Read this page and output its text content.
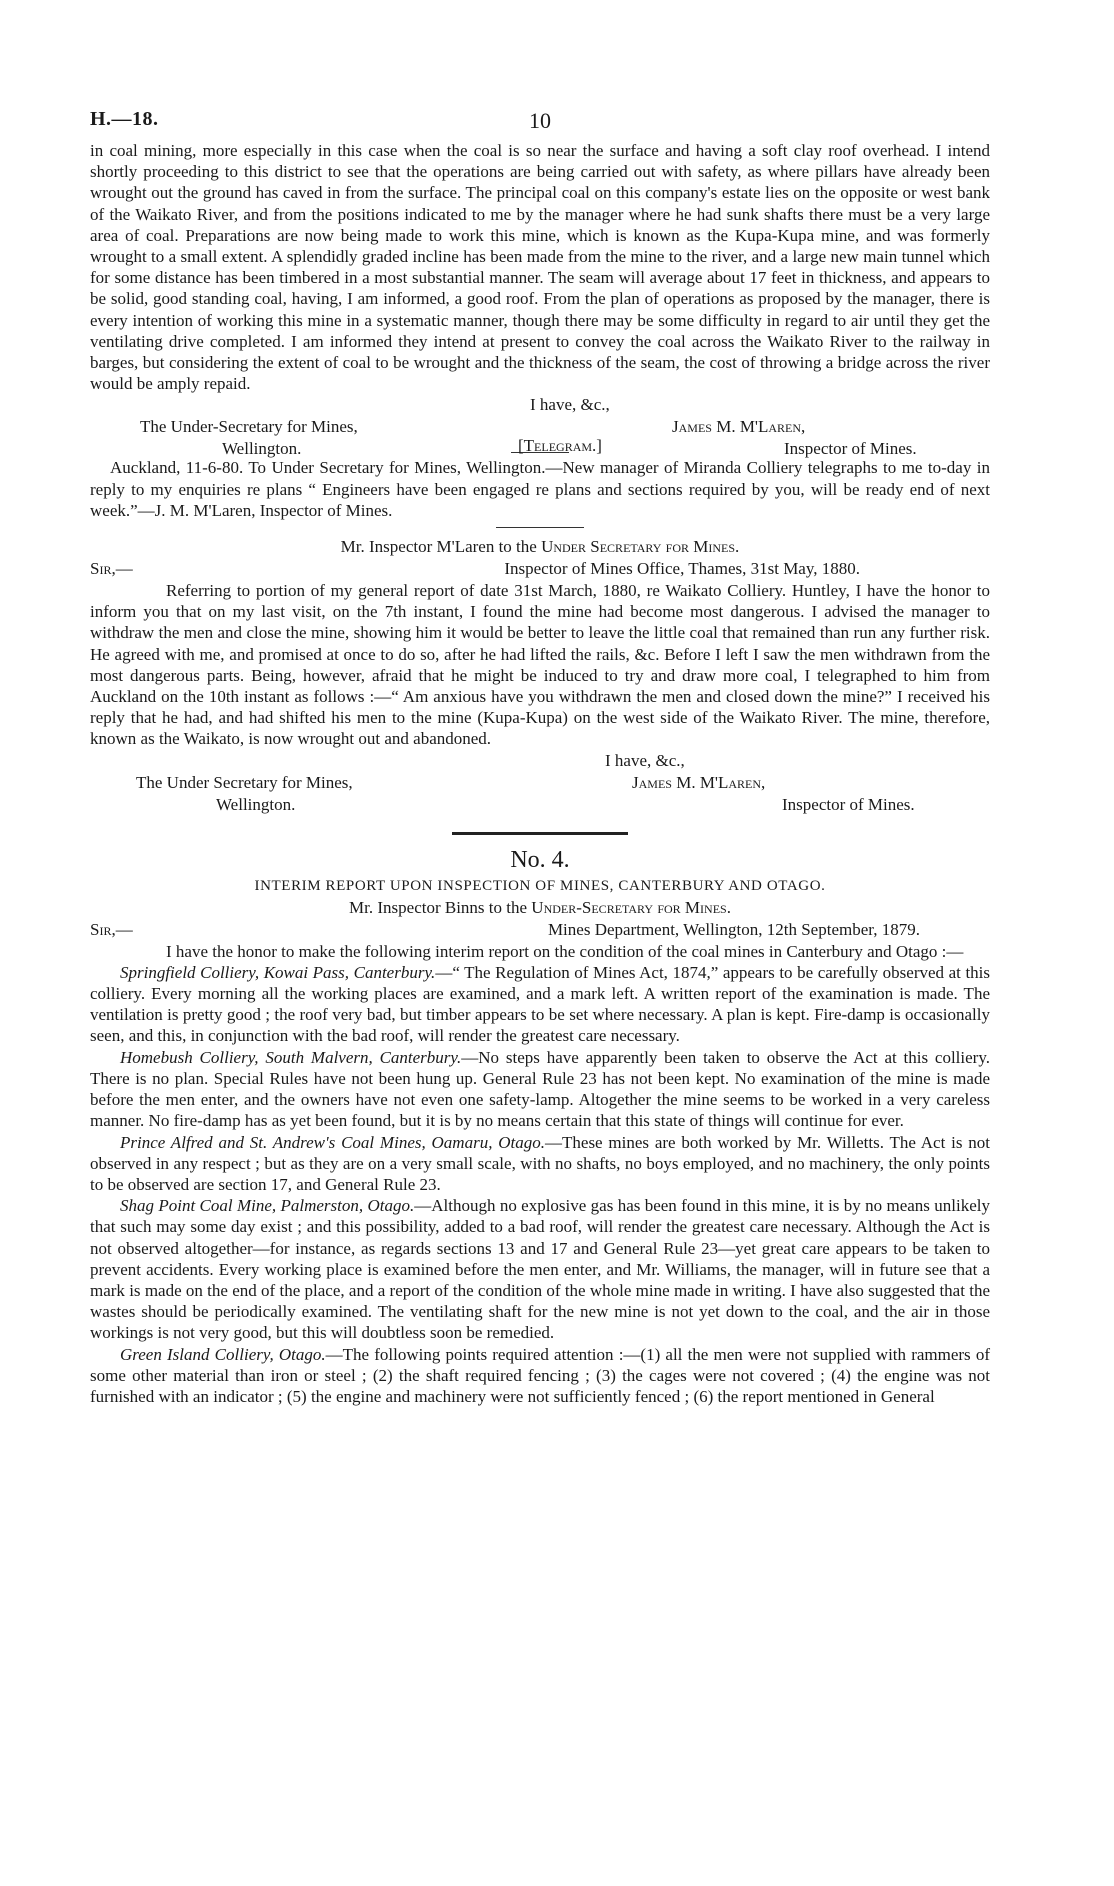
H.—18.	10

in coal mining, more especially in this case when the coal is so near the surface and having a soft clay roof overhead. I intend shortly proceeding to this district to see that the operations are being carried out with safety, as where pillars have already been wrought out the ground has caved in from the surface. The principal coal on this company's estate lies on the opposite or west bank of the Waikato River, and from the positions indicated to me by the manager where he had sunk shafts there must be a very large area of coal. Preparations are now being made to work this mine, which is known as the Kupa-Kupa mine, and was formerly wrought to a small extent. A splendidly graded incline has been made from the mine to the river, and a large new main tunnel which for some distance has been timbered in a most substantial manner. The seam will average about 17 feet in thickness, and appears to be solid, good standing coal, having, I am informed, a good roof. From the plan of operations as proposed by the manager, there is every intention of working this mine in a systematic manner, though there may be some difficulty in regard to air until they get the ventilating drive completed. I am informed they intend at present to convey the coal across the Waikato River to the railway in barges, but considering the extent of coal to be wrought and the thickness of the seam, the cost of throwing a bridge across the river would be amply repaid.

I have, &c.,
The Under-Secretary for Mines,	James M. M'Laren,
Wellington.	Inspector of Mines.
[Telegram.]

Auckland, 11-6-80. To Under Secretary for Mines, Wellington.—New manager of Miranda Colliery telegraphs to me to-day in reply to my enquiries re plans “ Engineers have been engaged re plans and sections required by you, will be ready end of next week.”—J. M. M'Laren, Inspector of Mines.

Mr. Inspector M'Laren to the Under Secretary for Mines.
Sir,—	Inspector of Mines Office, Thames, 31st May, 1880.

Referring to portion of my general report of date 31st March, 1880, re Waikato Colliery. Huntley, I have the honor to inform you that on my last visit, on the 7th instant, I found the mine had become most dangerous. I advised the manager to withdraw the men and close the mine, showing him it would be better to leave the little coal that remained than run any further risk. He agreed with me, and promised at once to do so, after he had lifted the rails, &c. Before I left I saw the men withdrawn from the most dangerous parts. Being, however, afraid that he might be induced to try and draw more coal, I telegraphed to him from Auckland on the 10th instant as follows :—“ Am anxious have you withdrawn the men and closed down the mine?” I received his reply that he had, and had shifted his men to the mine (Kupa-Kupa) on the west side of the Waikato River. The mine, therefore, known as the Waikato, is now wrought out and abandoned.

I have, &c.,
The Under Secretary for Mines,	James M. M'Laren,
Wellington.	Inspector of Mines.
No. 4.
INTERIM REPORT UPON INSPECTION OF MINES, CANTERBURY AND OTAGO.
Mr. Inspector Binns to the Under-Secretary for Mines.
Sir,—	Mines Department, Wellington, 12th September, 1879.

I have the honor to make the following interim report on the condition of the coal mines in Canterbury and Otago :—

Springfield Colliery, Kowai Pass, Canterbury.—“ The Regulation of Mines Act, 1874,” appears to be carefully observed at this colliery. Every morning all the working places are examined, and a mark left. A written report of the examination is made. The ventilation is pretty good ; the roof very bad, but timber appears to be set where necessary. A plan is kept. Fire-damp is occasionally seen, and this, in conjunction with the bad roof, will render the greatest care necessary.

Homebush Colliery, South Malvern, Canterbury.—No steps have apparently been taken to observe the Act at this colliery. There is no plan. Special Rules have not been hung up. General Rule 23 has not been kept. No examination of the mine is made before the men enter, and the owners have not even one safety-lamp. Altogether the mine seems to be worked in a very careless manner. No fire-damp has as yet been found, but it is by no means certain that this state of things will continue for ever.

Prince Alfred and St. Andrew's Coal Mines, Oamaru, Otago.—These mines are both worked by Mr. Willetts. The Act is not observed in any respect ; but as they are on a very small scale, with no shafts, no boys employed, and no machinery, the only points to be observed are section 17, and General Rule 23.

Shag Point Coal Mine, Palmerston, Otago.—Although no explosive gas has been found in this mine, it is by no means unlikely that such may some day exist ; and this possibility, added to a bad roof, will render the greatest care necessary. Although the Act is not observed altogether—for instance, as regards sections 13 and 17 and General Rule 23—yet great care appears to be taken to prevent accidents. Every working place is examined before the men enter, and Mr. Williams, the manager, will in future see that a mark is made on the end of the place, and a report of the condition of the whole mine made in writing. I have also suggested that the wastes should be periodically examined. The ventilating shaft for the new mine is not yet down to the coal, and the air in those workings is not very good, but this will doubtless soon be remedied.

Green Island Colliery, Otago.—The following points required attention :—(1) all the men were not supplied with rammers of some other material than iron or steel ; (2) the shaft required fencing ; (3) the cages were not covered ; (4) the engine was not furnished with an indicator ; (5) the engine and machinery were not sufficiently fenced ; (6) the report mentioned in General
